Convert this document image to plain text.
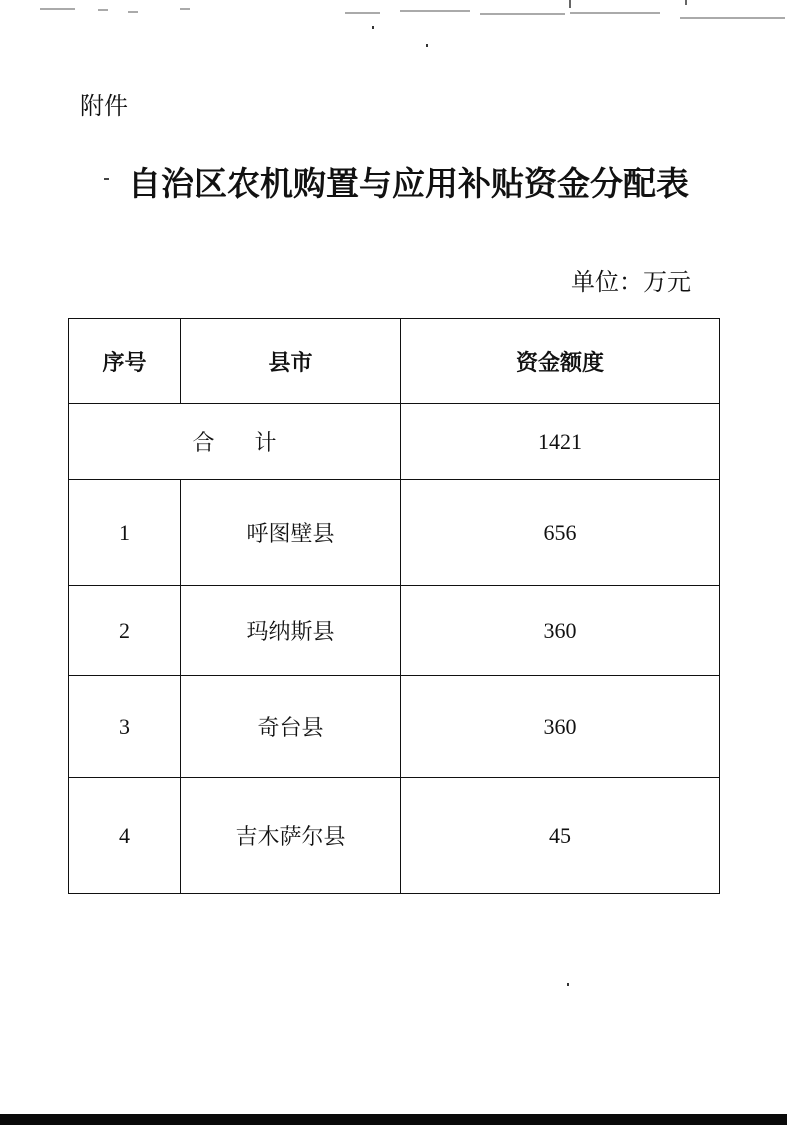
附件
自治区农机购置与应用补贴资金分配表
单位：万元
序号	县市	资金额度
合计		1421
1	呼图壁县	656
2	玛纳斯县	360
3	奇台县	360
4	吉木萨尔县	45
